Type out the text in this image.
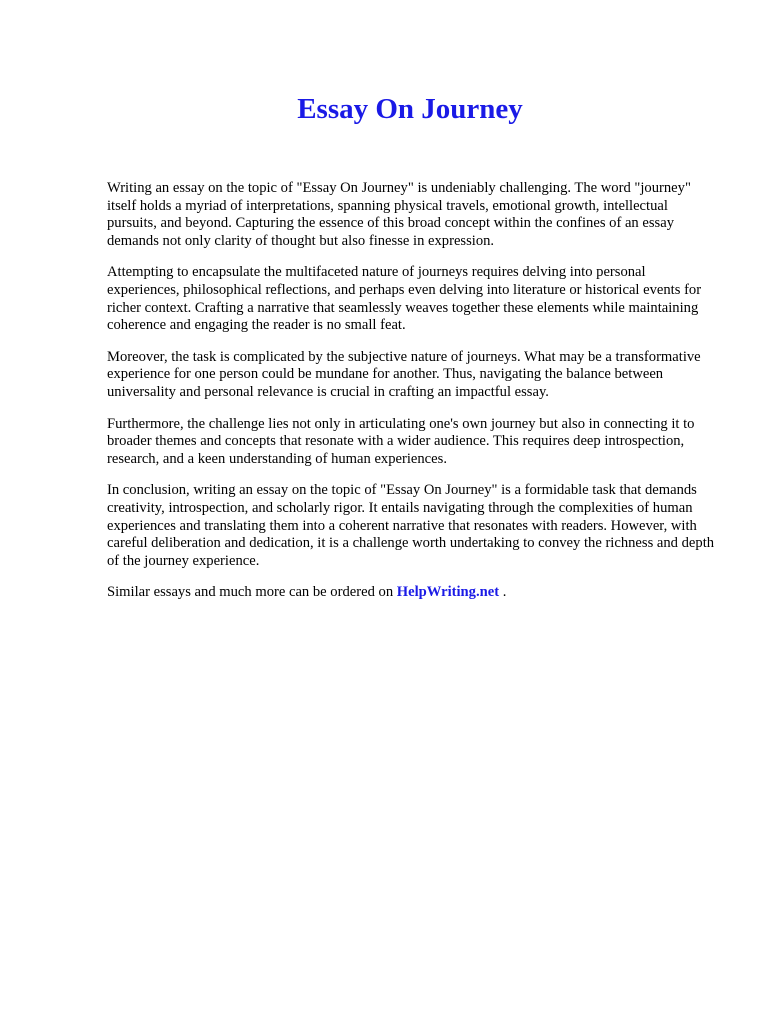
Essay On Journey

Writing an essay on the topic of "Essay On Journey" is undeniably challenging. The word "journey" itself holds a myriad of interpretations, spanning physical travels, emotional growth, intellectual pursuits, and beyond. Capturing the essence of this broad concept within the confines of an essay demands not only clarity of thought but also finesse in expression.

Attempting to encapsulate the multifaceted nature of journeys requires delving into personal experiences, philosophical reflections, and perhaps even delving into literature or historical events for richer context. Crafting a narrative that seamlessly weaves together these elements while maintaining coherence and engaging the reader is no small feat.

Moreover, the task is complicated by the subjective nature of journeys. What may be a transformative experience for one person could be mundane for another. Thus, navigating the balance between universality and personal relevance is crucial in crafting an impactful essay.

Furthermore, the challenge lies not only in articulating one's own journey but also in connecting it to broader themes and concepts that resonate with a wider audience. This requires deep introspection, research, and a keen understanding of human experiences.

In conclusion, writing an essay on the topic of "Essay On Journey" is a formidable task that demands creativity, introspection, and scholarly rigor. It entails navigating through the complexities of human experiences and translating them into a coherent narrative that resonates with readers. However, with careful deliberation and dedication, it is a challenge worth undertaking to convey the richness and depth of the journey experience.

Similar essays and much more can be ordered on HelpWriting.net .
